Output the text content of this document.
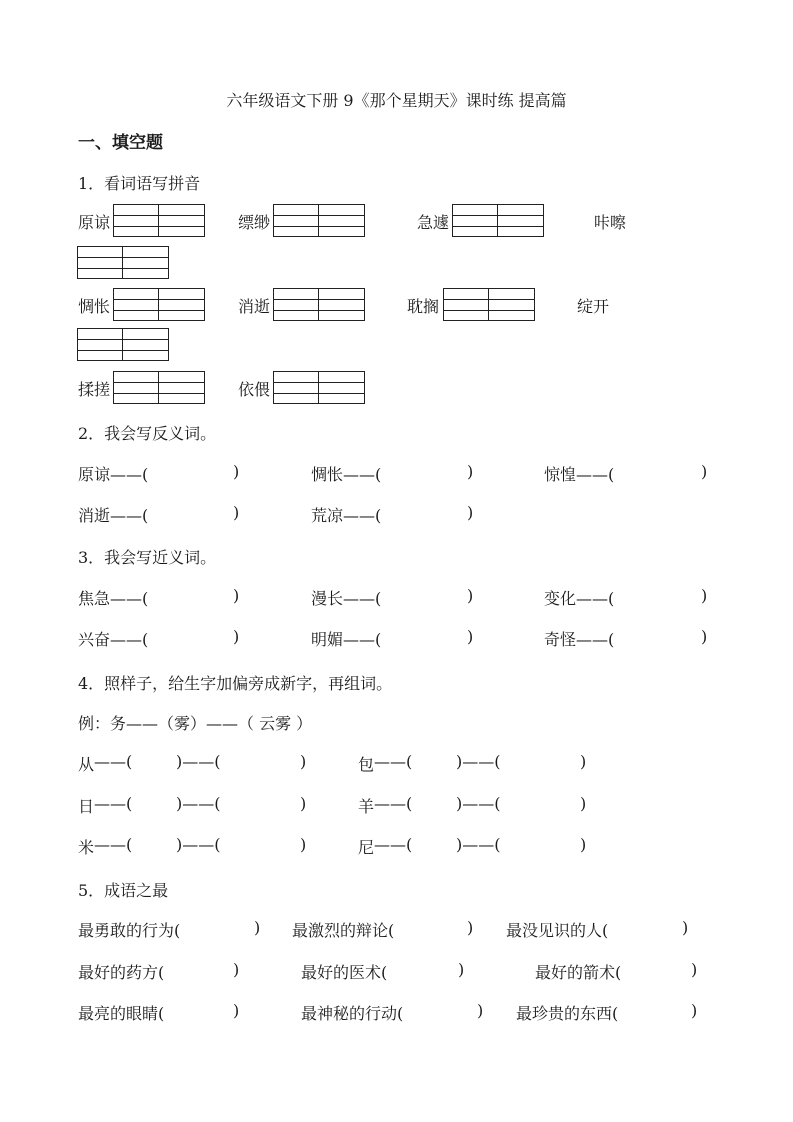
六年级语文下册 9《那个星期天》课时练 提高篇
一、填空题
1．看词语写拼音
原谅	缥缈	急遽	咔嚓
惆怅	消逝	耽搁	绽开
揉搓	依偎
2．我会写反义词。
原谅——(	)	惆怅——(	)	惊惶——(	)
消逝——(	)	荒凉——(	)
3．我会写近义词。
焦急——(	)	漫长——(	)	变化——(	)
兴奋——(	)	明媚——(	)	奇怪——(	)
4．照样子，给生字加偏旁成新字，再组词。
例：务——（雾）——（ 云雾 ）
从 ——(	)——(	)	包 ——(	)——(	)
日 ——(	)——(	)	羊 ——(	)——(	)
米 ——(	)——(	)	尼 ——(	)——(	)
5．成语之最
最勇敢的行为(	) 最激烈的辩论(	) 最没见识的人(	)
最好的药方(	)	最好的医术(	)	最好的箭术(	)
最亮的眼睛(	)	最神秘的行动(	) 最珍贵的东西(	)
